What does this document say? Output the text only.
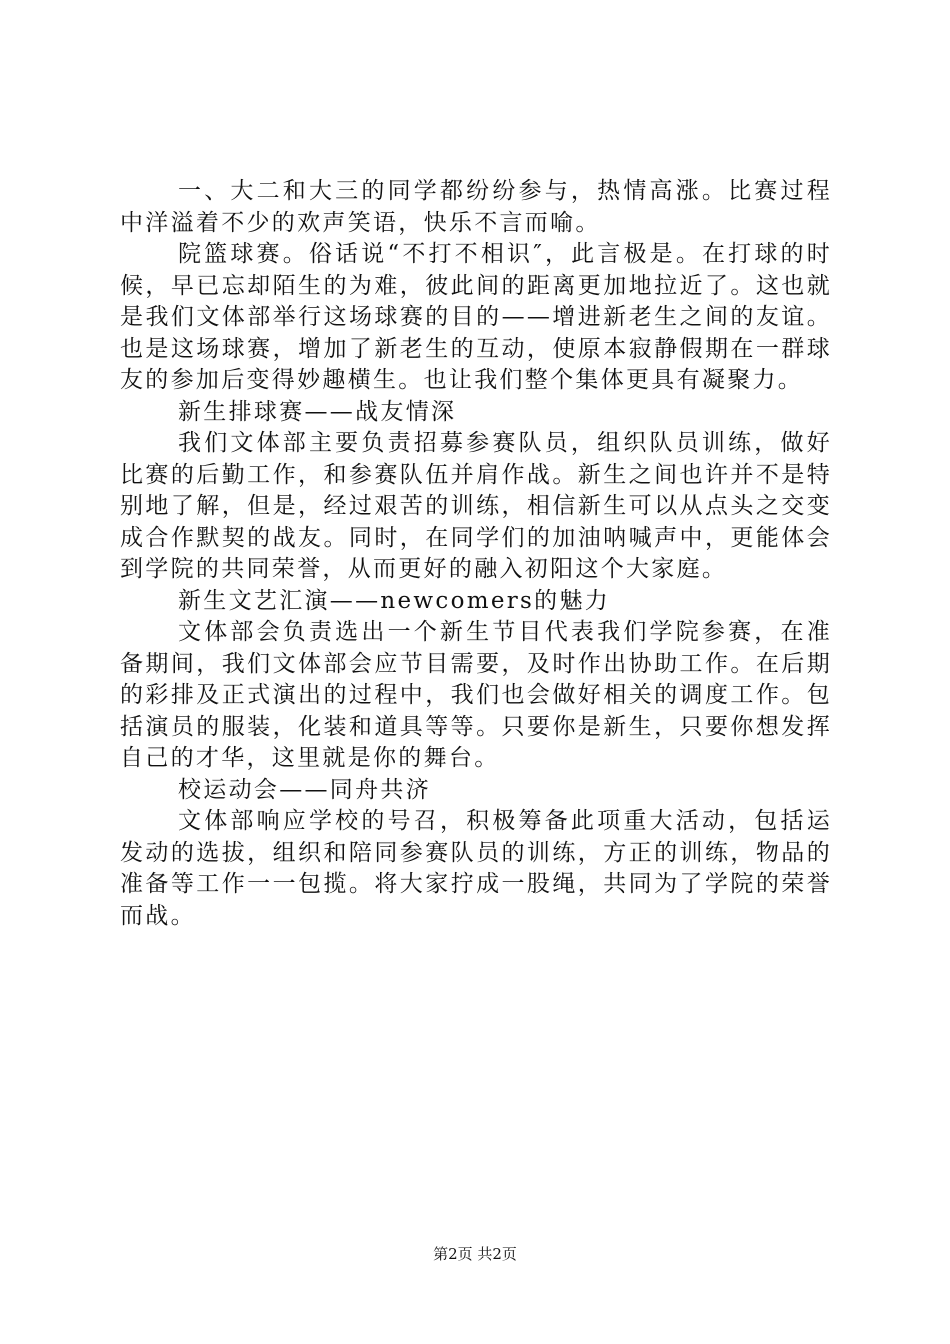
一、大二和大三的同学都纷纷参与，热情高涨。比赛过程中洋溢着不少的欢声笑语，快乐不言而喻。

院篮球赛。俗话说“不打不相识″，此言极是。在打球的时候，早已忘却陌生的为难，彼此间的距离更加地拉近了。这也就是我们文体部举行这场球赛的目的——增进新老生之间的友谊。也是这场球赛，增加了新老生的互动，使原本寂静假期在一群球友的参加后变得妙趣横生。也让我们整个集体更具有凝聚力。

新生排球赛——战友情深

我们文体部主要负责招募参赛队员，组织队员训练，做好比赛的后勤工作，和参赛队伍并肩作战。新生之间也许并不是特别地了解，但是，经过艰苦的训练，相信新生可以从点头之交变成合作默契的战友。同时，在同学们的加油呐喊声中，更能体会到学院的共同荣誉，从而更好的融入初阳这个大家庭。

新生文艺汇演——newcomers的魅力

文体部会负责选出一个新生节目代表我们学院参赛，在准备期间，我们文体部会应节目需要，及时作出协助工作。在后期的彩排及正式演出的过程中，我们也会做好相关的调度工作。包括演员的服装，化装和道具等等。只要你是新生，只要你想发挥自己的才华，这里就是你的舞台。

校运动会——同舟共济

文体部响应学校的号召，积极筹备此项重大活动，包括运发动的选拔，组织和陪同参赛队员的训练，方正的训练，物品的准备等工作一一包揽。将大家拧成一股绳，共同为了学院的荣誉而战。

第2页 共2页
